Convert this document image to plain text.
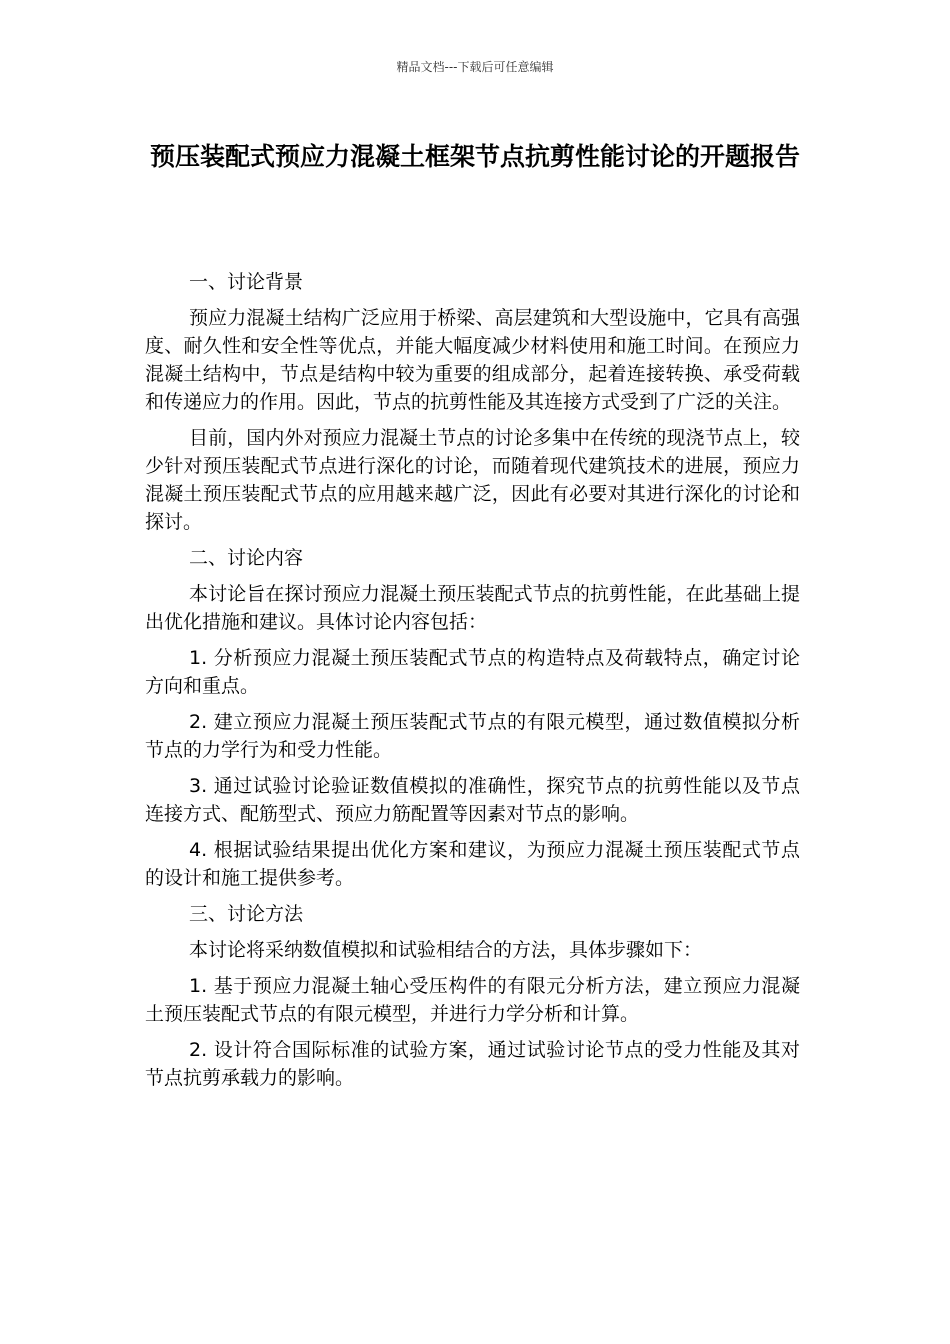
精品文档---下载后可任意编辑
预压装配式预应力混凝土框架节点抗剪性能讨论的开题报告

一、讨论背景

预应力混凝土结构广泛应用于桥梁、高层建筑和大型设施中，它具有高强度、耐久性和安全性等优点，并能大幅度减少材料使用和施工时间。在预应力混凝土结构中，节点是结构中较为重要的组成部分，起着连接转换、承受荷载和传递应力的作用。因此，节点的抗剪性能及其连接方式受到了广泛的关注。

目前，国内外对预应力混凝土节点的讨论多集中在传统的现浇节点上，较少针对预压装配式节点进行深化的讨论，而随着现代建筑技术的进展，预应力混凝土预压装配式节点的应用越来越广泛，因此有必要对其进行深化的讨论和探讨。

二、讨论内容

本讨论旨在探讨预应力混凝土预压装配式节点的抗剪性能，在此基础上提出优化措施和建议。具体讨论内容包括：

1. 分析预应力混凝土预压装配式节点的构造特点及荷载特点，确定讨论方向和重点。

2. 建立预应力混凝土预压装配式节点的有限元模型，通过数值模拟分析节点的力学行为和受力性能。

3. 通过试验讨论验证数值模拟的准确性，探究节点的抗剪性能以及节点连接方式、配筋型式、预应力筋配置等因素对节点的影响。

4. 根据试验结果提出优化方案和建议，为预应力混凝土预压装配式节点的设计和施工提供参考。

三、讨论方法

本讨论将采纳数值模拟和试验相结合的方法，具体步骤如下：

1. 基于预应力混凝土轴心受压构件的有限元分析方法，建立预应力混凝土预压装配式节点的有限元模型，并进行力学分析和计算。

2. 设计符合国际标准的试验方案，通过试验讨论节点的受力性能及其对节点抗剪承载力的影响。
